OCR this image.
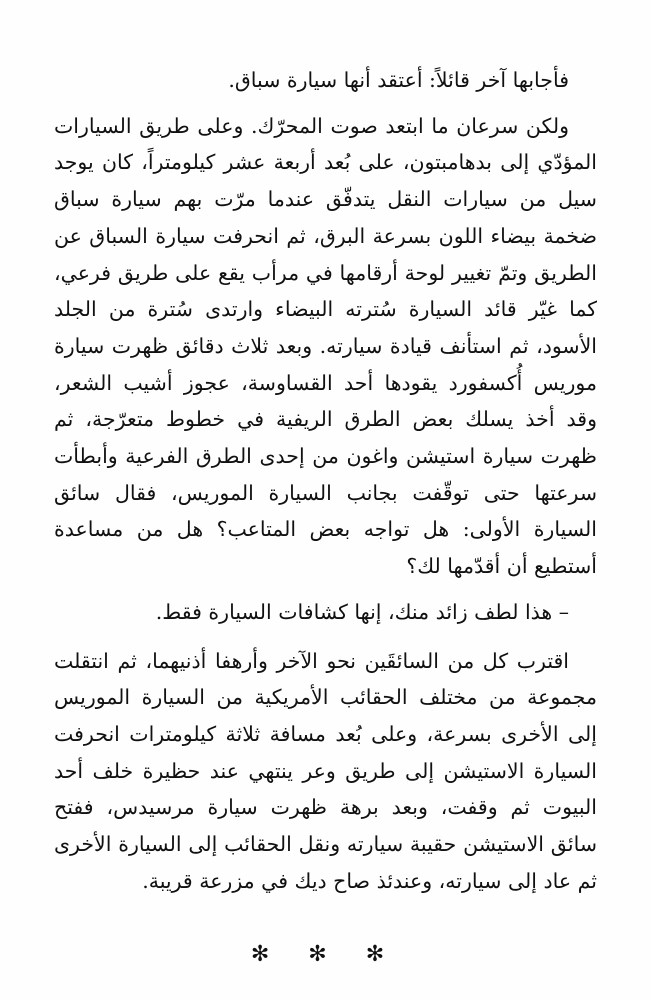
فأجابها آخر قائلاً: أعتقد أنها سيارة سباق.

ولكن سرعان ما ابتعد صوت المحرّك. وعلى طريق السيارات المؤدّي إلى بدهامبتون، على بُعد أربعة عشر كيلومتراً، كان يوجد سيل من سيارات النقل يتدفّق عندما مرّت بهم سيارة سباق ضخمة بيضاء اللون بسرعة البرق، ثم انحرفت سيارة السباق عن الطريق وتمّ تغيير لوحة أرقامها في مرأب يقع على طريق فرعي، كما غيّر قائد السيارة سُترته البيضاء وارتدى سُترة من الجلد الأسود، ثم استأنف قيادة سيارته. وبعد ثلاث دقائق ظهرت سيارة موريس أُكسفورد يقودها أحد القساوسة، عجوز أشيب الشعر، وقد أخذ يسلك بعض الطرق الريفية في خطوط متعرّجة، ثم ظهرت سيارة استيشن واغون من إحدى الطرق الفرعية وأبطأت سرعتها حتى توقّفت بجانب السيارة الموريس، فقال سائق السيارة الأولى: هل تواجه بعض المتاعب؟ هل من مساعدة أستطيع أن أقدّمها لك؟

– هذا لطف زائد منك، إنها كشافات السيارة فقط.

اقترب كل من السائقَين نحو الآخر وأرهفا أذنيهما، ثم انتقلت مجموعة من مختلف الحقائب الأمريكية من السيارة الموريس إلى الأخرى بسرعة، وعلى بُعد مسافة ثلاثة كيلومترات انحرفت السيارة الاستيشن إلى طريق وعر ينتهي عند حظيرة خلف أحد البيوت ثم وقفت، وبعد برهة ظهرت سيارة مرسيدس، ففتح سائق الاستيشن حقيبة سيارته ونقل الحقائب إلى السيارة الأخرى ثم عاد إلى سيارته، وعندئذ صاح ديك في مزرعة قريبة.

✻ ✻ ✻
